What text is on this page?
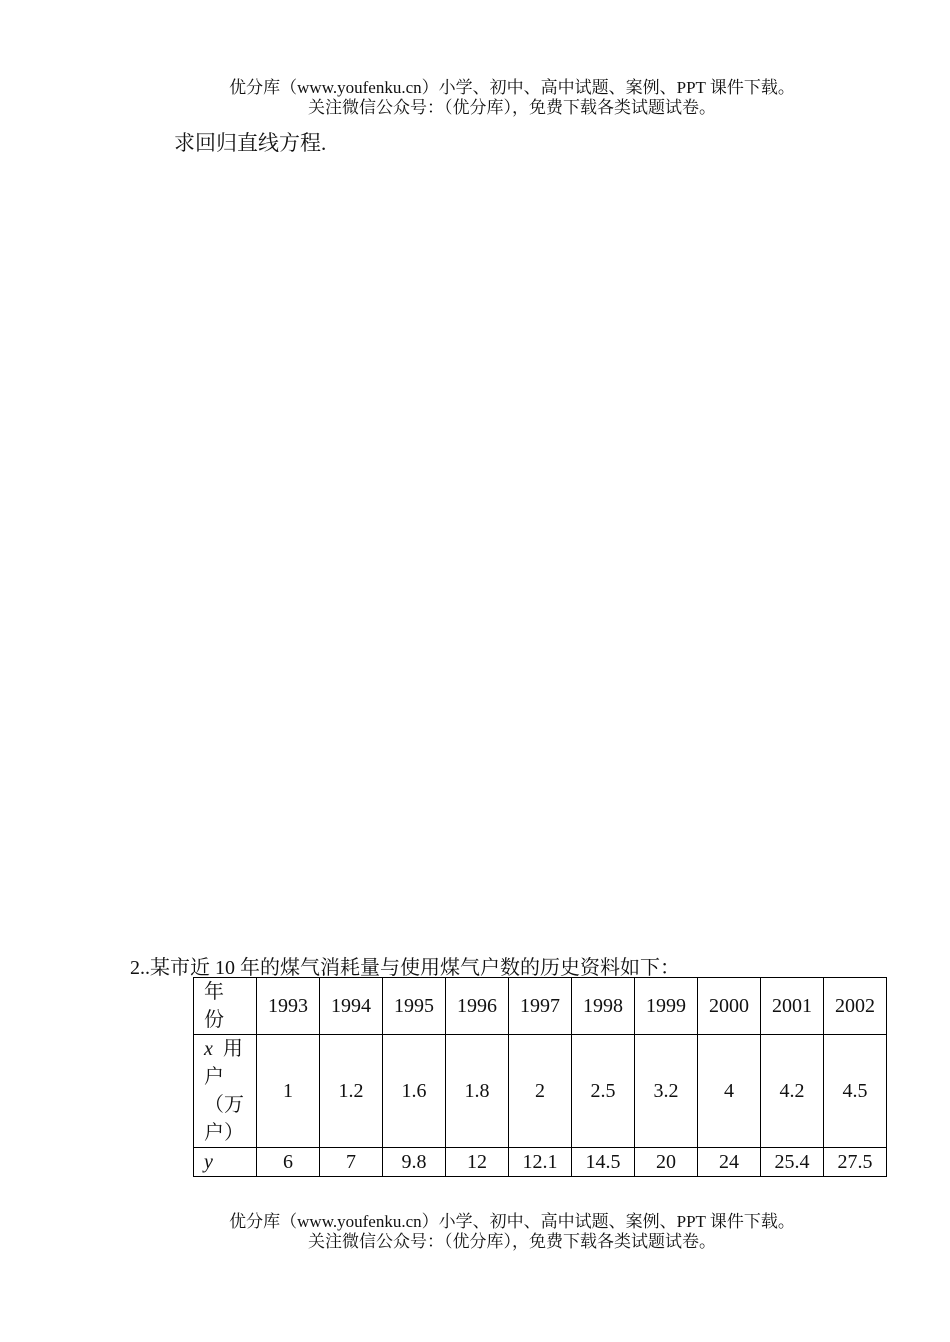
优分库（www.youfenku.cn）小学、初中、高中试题、案例、PPT 课件下载。
关注微信公众号：（优分库），免费下载各类试题试卷。
求回归直线方程.
2..某市近 10 年的煤气消耗量与使用煤气户数的历史资料如下：
年
份	1993	1994	1995	1996	1997	1998	1999	2000	2001	2002
x 用
户
（万
户）	1	1.2	1.6	1.8	2	2.5	3.2	4	4.2	4.5
y	6	7	9.8	12	12.1	14.5	20	24	25.4	27.5
优分库（www.youfenku.cn）小学、初中、高中试题、案例、PPT 课件下载。
关注微信公众号：（优分库），免费下载各类试题试卷。
